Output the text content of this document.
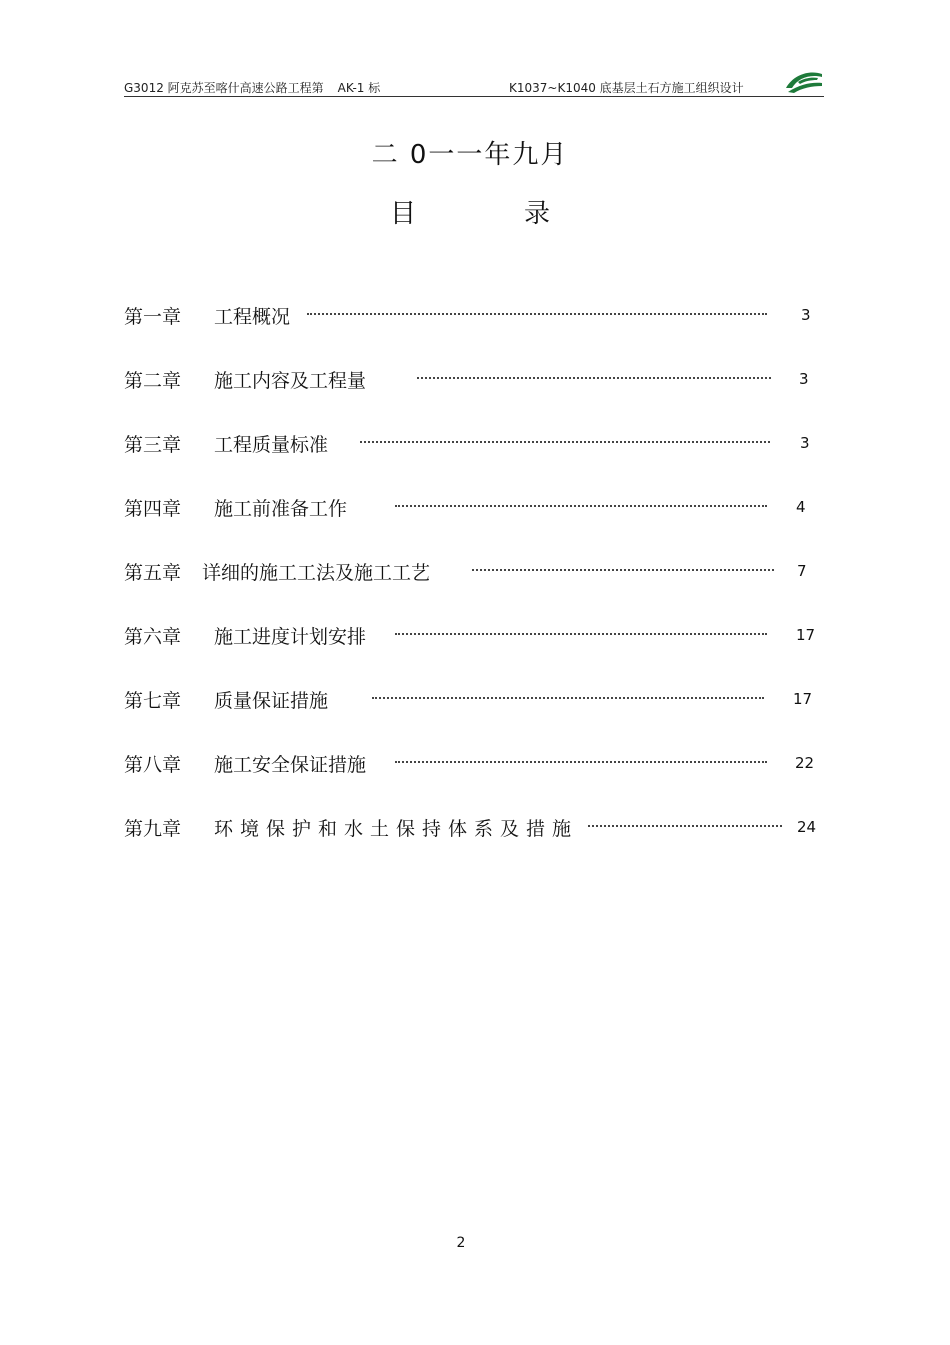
G3012 阿克苏至喀什高速公路工程第 AK-1 标	K1037~K1040 底基层土石方施工组织设计
二 0一一年九月
目	录
第一章 工程概况	3
第二章 施工内容及工程量	3
第三章 工程质量标准	3
第四章 施工前准备工作	4
第五章 详细的施工工法及施工工艺	7
第六章 施工进度计划安排	17
第七章 质量保证措施	17
第八章 施工安全保证措施	22
第九章 环境保护和水土保持体系及措施	24
2
